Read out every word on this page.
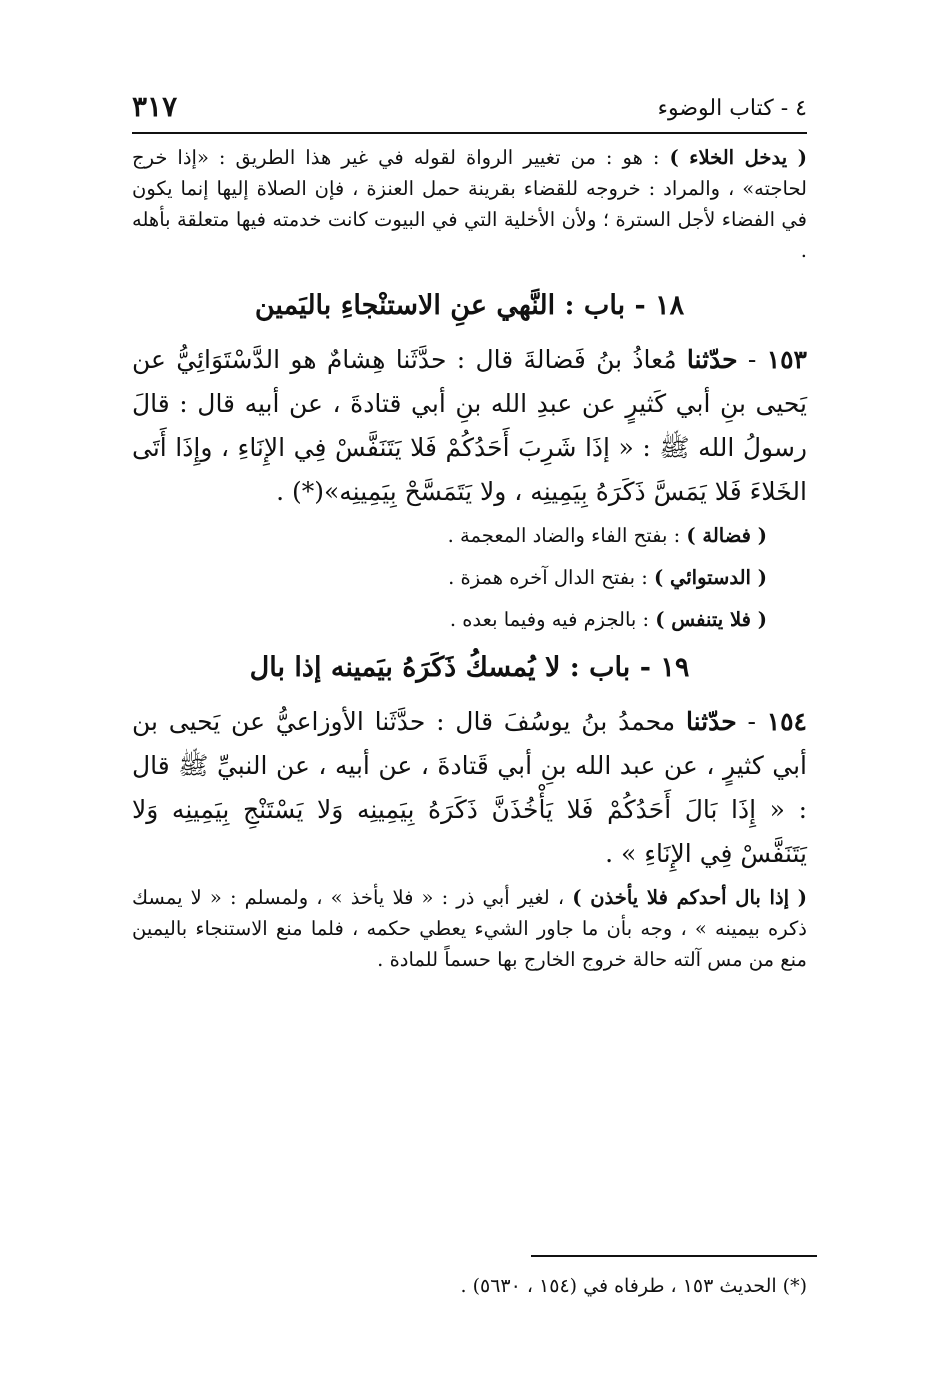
٤ - كتاب الوضوء
٣١٧

( يدخل الخلاء ) : هو : من تغيير الرواة لقوله في غير هذا الطريق : «إذا خرج لحاجته» ، والمراد : خروجه للقضاء بقرينة حمل العنزة ، فإن الصلاة إليها إنما يكون في الفضاء لأجل السترة ؛ ولأن الأخلية التي في البيوت كانت خدمته فيها متعلقة بأهله .

١٨ - باب : النَّهي عنِ الاستنْجاءِ باليَمين

١٥٣ - حدّثنا مُعاذُ بنُ فَضالةَ قال : حدَّثَنا هِشامٌ هو الدَّسْتَوَائِيُّ عن يَحيى بنِ أبي كَثيرٍ عن عبدِ الله بنِ أبي قتادةَ ، عن أبيه قال : قالَ رسولُ الله ﷺ : « إذَا شَرِبَ أَحَدُكُمْ فَلا يَتَنَفَّسْ فِي الإِنَاءِ ، وإِذَا أَتَى الخَلاءَ فَلا يَمَسَّ ذَكَرَهُ بِيَمِينِه ، ولا يَتَمَسَّحْ بِيَمِينِه»(*) .

( فضالة ) : بفتح الفاء والضاد المعجمة .
( الدستوائي ) : بفتح الدال آخره همزة .
( فلا يتنفس ) : بالجزم فيه وفيما بعده .
١٩ - باب : لا يُمسكُ ذَكَرَهُ بيَمينه إذا بال

١٥٤ - حدّثنا محمدُ بنُ يوسُفَ قال : حدَّثَنا الأوزاعيُّ عن يَحيى بن أبي كثيرٍ ، عن عبد الله بنِ أبي قَتادةَ ، عن أبيه ، عن النبيِّ ﷺ قال : « إِذَا بَالَ أَحَدُكُمْ فَلا يَأْخُذَنَّ ذَكَرَهُ بِيَمِينِه وَلا يَسْتَنْجِ بِيَمِينِه وَلا يَتَنَفَّسْ فِي الإِنَاءِ » .

( إذا بال أحدكم فلا يأخذن ) ، لغير أبي ذر : « فلا يأخذ » ، ولمسلم : « لا يمسك ذكره بيمينه » ، وجه بأن ما جاور الشيء يعطي حكمه ، فلما منع الاستنجاء باليمين منع من مس آلته حالة خروج الخارج بها حسماً للمادة .

(*) الحديث ١٥٣ ، طرفاه في (١٥٤ ، ٥٦٣٠) .
